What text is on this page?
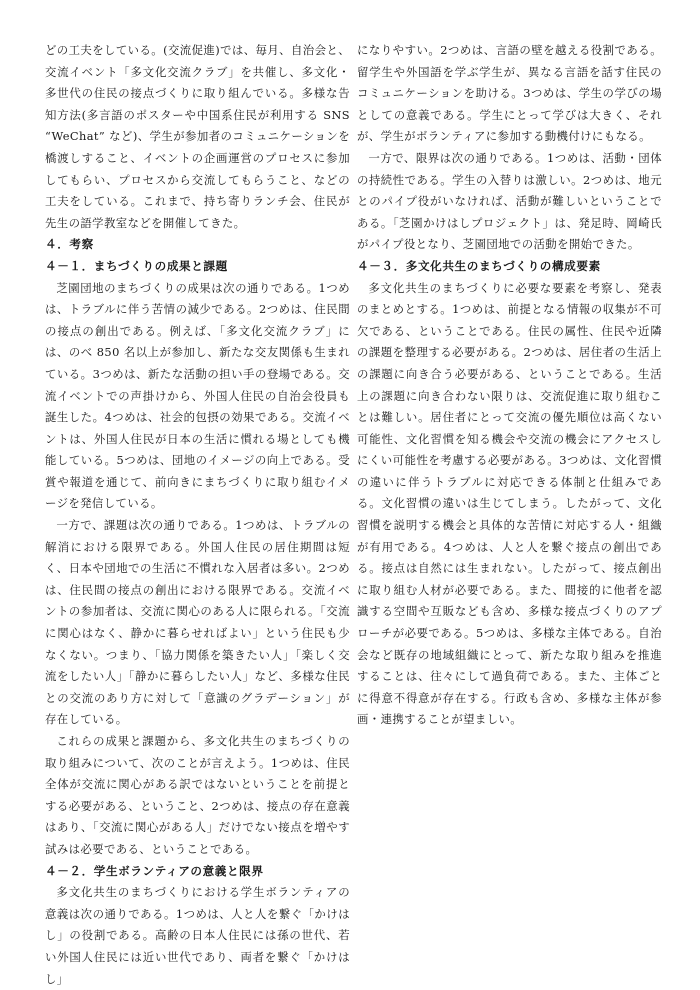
どの工夫をしている。(交流促進)では、毎月、自治会と、交流イベント「多文化交流クラブ」を共催し、多文化・多世代の住民の接点づくりに取り組んでいる。多様な告知方法(多言語のポスターや中国系住民が利用する SNS “WeChat” など)、学生が参加者のコミュニケーションを橋渡しすること、イベントの企画運営のプロセスに参加してもらい、プロセスから交流してもらうこと、などの工夫をしている。これまで、持ち寄りランチ会、住民が先生の語学教室などを開催してきた。

４．考察
４－１．まちづくりの成果と課題

芝園団地のまちづくりの成果は次の通りである。1つめは、トラブルに伴う苦情の減少である。2つめは、住民間の接点の創出である。例えば、「多文化交流クラブ」には、のべ 850 名以上が参加し、新たな交友関係も生まれている。3つめは、新たな活動の担い手の登場である。交流イベントでの声掛けから、外国人住民の自治会役員も誕生した。4つめは、社会的包摂の効果である。交流イベントは、外国人住民が日本の生活に慣れる場としても機能している。5つめは、団地のイメージの向上である。受賞や報道を通じて、前向きにまちづくりに取り組むイメージを発信している。

一方で、課題は次の通りである。1つめは、トラブルの解消における限界である。外国人住民の居住期間は短く、日本や団地での生活に不慣れな入居者は多い。2つめは、住民間の接点の創出における限界である。交流イベントの参加者は、交流に関心のある人に限られる。「交流に関心はなく、静かに暮らせればよい」という住民も少なくない。つまり、「協力関係を築きたい人」「楽しく交流をしたい人」「静かに暮らしたい人」など、多様な住民との交流のあり方に対して「意識のグラデーション」が存在している。

これらの成果と課題から、多文化共生のまちづくりの取り組みについて、次のことが言えよう。1つめは、住民全体が交流に関心がある訳ではないということを前提とする必要がある、ということ、2つめは、接点の存在意義はあり、「交流に関心がある人」だけでない接点を増やす試みは必要である、ということである。

４－２．学生ボランティアの意義と限界

多文化共生のまちづくりにおける学生ボランティアの意義は次の通りである。1つめは、人と人を繋ぐ「かけはし」の役割である。高齢の日本人住民には孫の世代、若い外国人住民には近い世代であり、両者を繋ぐ「かけはし」

になりやすい。2つめは、言語の壁を越える役割である。留学生や外国語を学ぶ学生が、異なる言語を話す住民のコミュニケーションを助ける。3つめは、学生の学びの場としての意義である。学生にとって学びは大きく、それが、学生がボランティアに参加する動機付けにもなる。

一方で、限界は次の通りである。1つめは、活動・団体の持続性である。学生の入替りは激しい。2つめは、地元とのパイプ役がいなければ、活動が難しいということである。「芝園かけはしプロジェクト」は、発足時、岡崎氏がパイプ役となり、芝園団地での活動を開始できた。

４－３．多文化共生のまちづくりの構成要素

多文化共生のまちづくりに必要な要素を考察し、発表のまとめとする。1つめは、前提となる情報の収集が不可欠である、ということである。住民の属性、住民や近隣の課題を整理する必要がある。2つめは、居住者の生活上の課題に向き合う必要がある、ということである。生活上の課題に向き合わない限りは、交流促進に取り組むことは難しい。居住者にとって交流の優先順位は高くない可能性、文化習慣を知る機会や交流の機会にアクセスしにくい可能性を考慮する必要がある。3つめは、文化習慣の違いに伴うトラブルに対応できる体制と仕組みである。文化習慣の違いは生じてしまう。したがって、文化習慣を説明する機会と具体的な苦情に対応する人・組織が有用である。4つめは、人と人を繋ぐ接点の創出である。接点は自然には生まれない。したがって、接点創出に取り組む人材が必要である。また、間接的に他者を認識する空間や互販なども含め、多様な接点づくりのアプローチが必要である。5つめは、多様な主体である。自治会など既存の地域組織にとって、新たな取り組みを推進することは、往々にして過負荷である。また、主体ごとに得意不得意が存在する。行政も含め、多様な主体が参画・連携することが望ましい。
